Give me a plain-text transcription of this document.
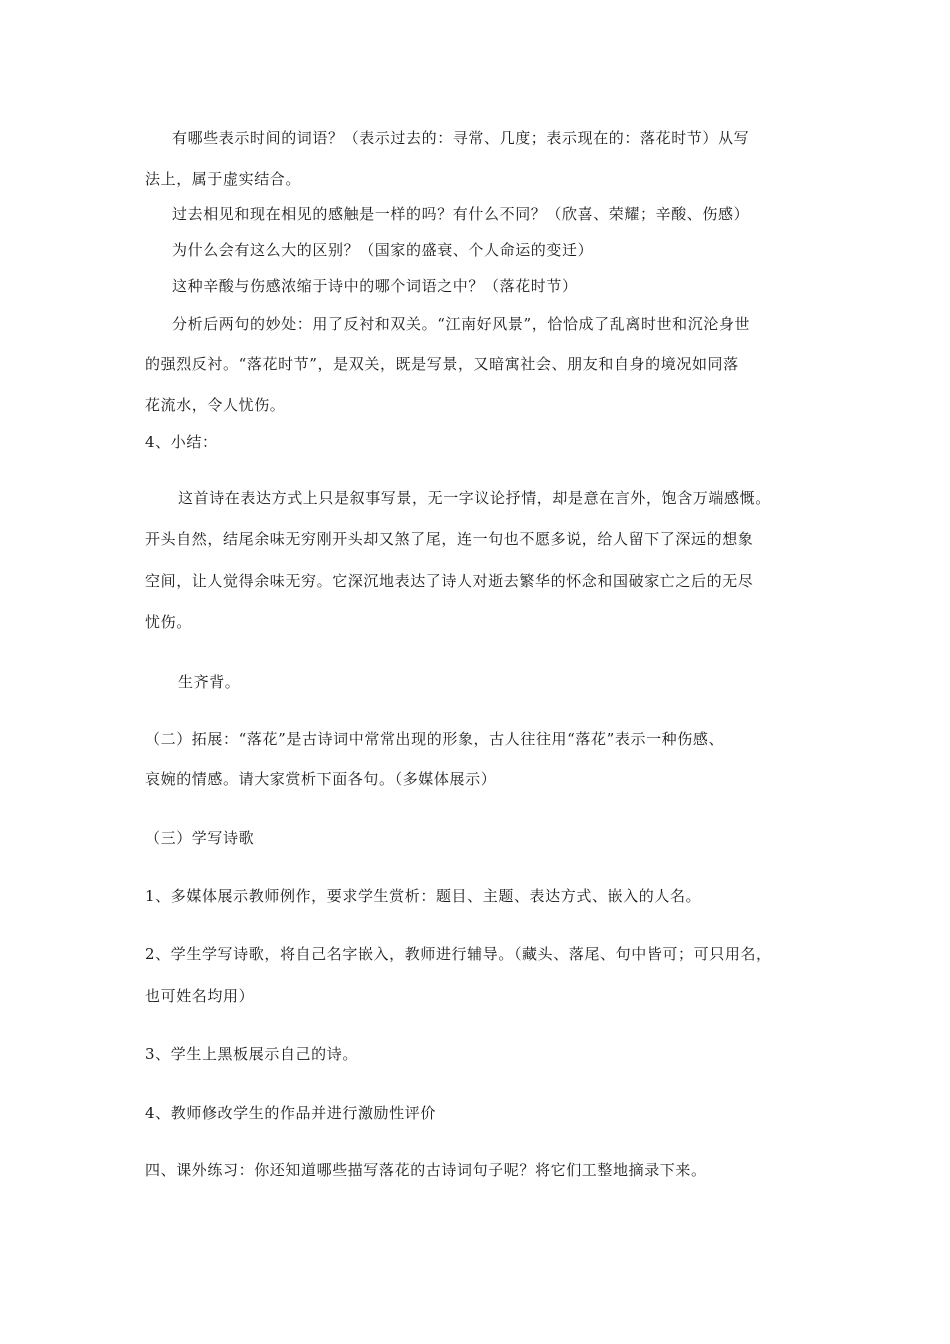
有哪些表示时间的词语？（表示过去的：寻常、几度；表示现在的：落花时节）从写
法上，属于虚实结合。
过去相见和现在相见的感触是一样的吗？有什么不同？（欣喜、荣耀；辛酸、伤感）
为什么会有这么大的区别？（国家的盛衰、个人命运的变迁）
这种辛酸与伤感浓缩于诗中的哪个词语之中？（落花时节）
分析后两句的妙处：用了反衬和双关。“江南好风景”，恰恰成了乱离时世和沉沦身世
的强烈反衬。“落花时节”，是双关，既是写景，又暗寓社会、朋友和自身的境况如同落
花流水，令人忧伤。
4、小结：
这首诗在表达方式上只是叙事写景，无一字议论抒情，却是意在言外，饱含万端感慨。
开头自然，结尾余味无穷刚开头却又煞了尾，连一句也不愿多说，给人留下了深远的想象
空间，让人觉得余味无穷。它深沉地表达了诗人对逝去繁华的怀念和国破家亡之后的无尽
忧伤。
生齐背。
（二）拓展：“落花”是古诗词中常常出现的形象，古人往往用“落花”表示一种伤感、
哀婉的情感。请大家赏析下面各句。（多媒体展示）
（三）学写诗歌
1、多媒体展示教师例作，要求学生赏析：题目、主题、表达方式、嵌入的人名。
2、学生学写诗歌，将自己名字嵌入，教师进行辅导。（藏头、落尾、句中皆可；可只用名，
也可姓名均用）
3、学生上黑板展示自己的诗。
4、教师修改学生的作品并进行激励性评价
四、课外练习：你还知道哪些描写落花的古诗词句子呢？将它们工整地摘录下来。
